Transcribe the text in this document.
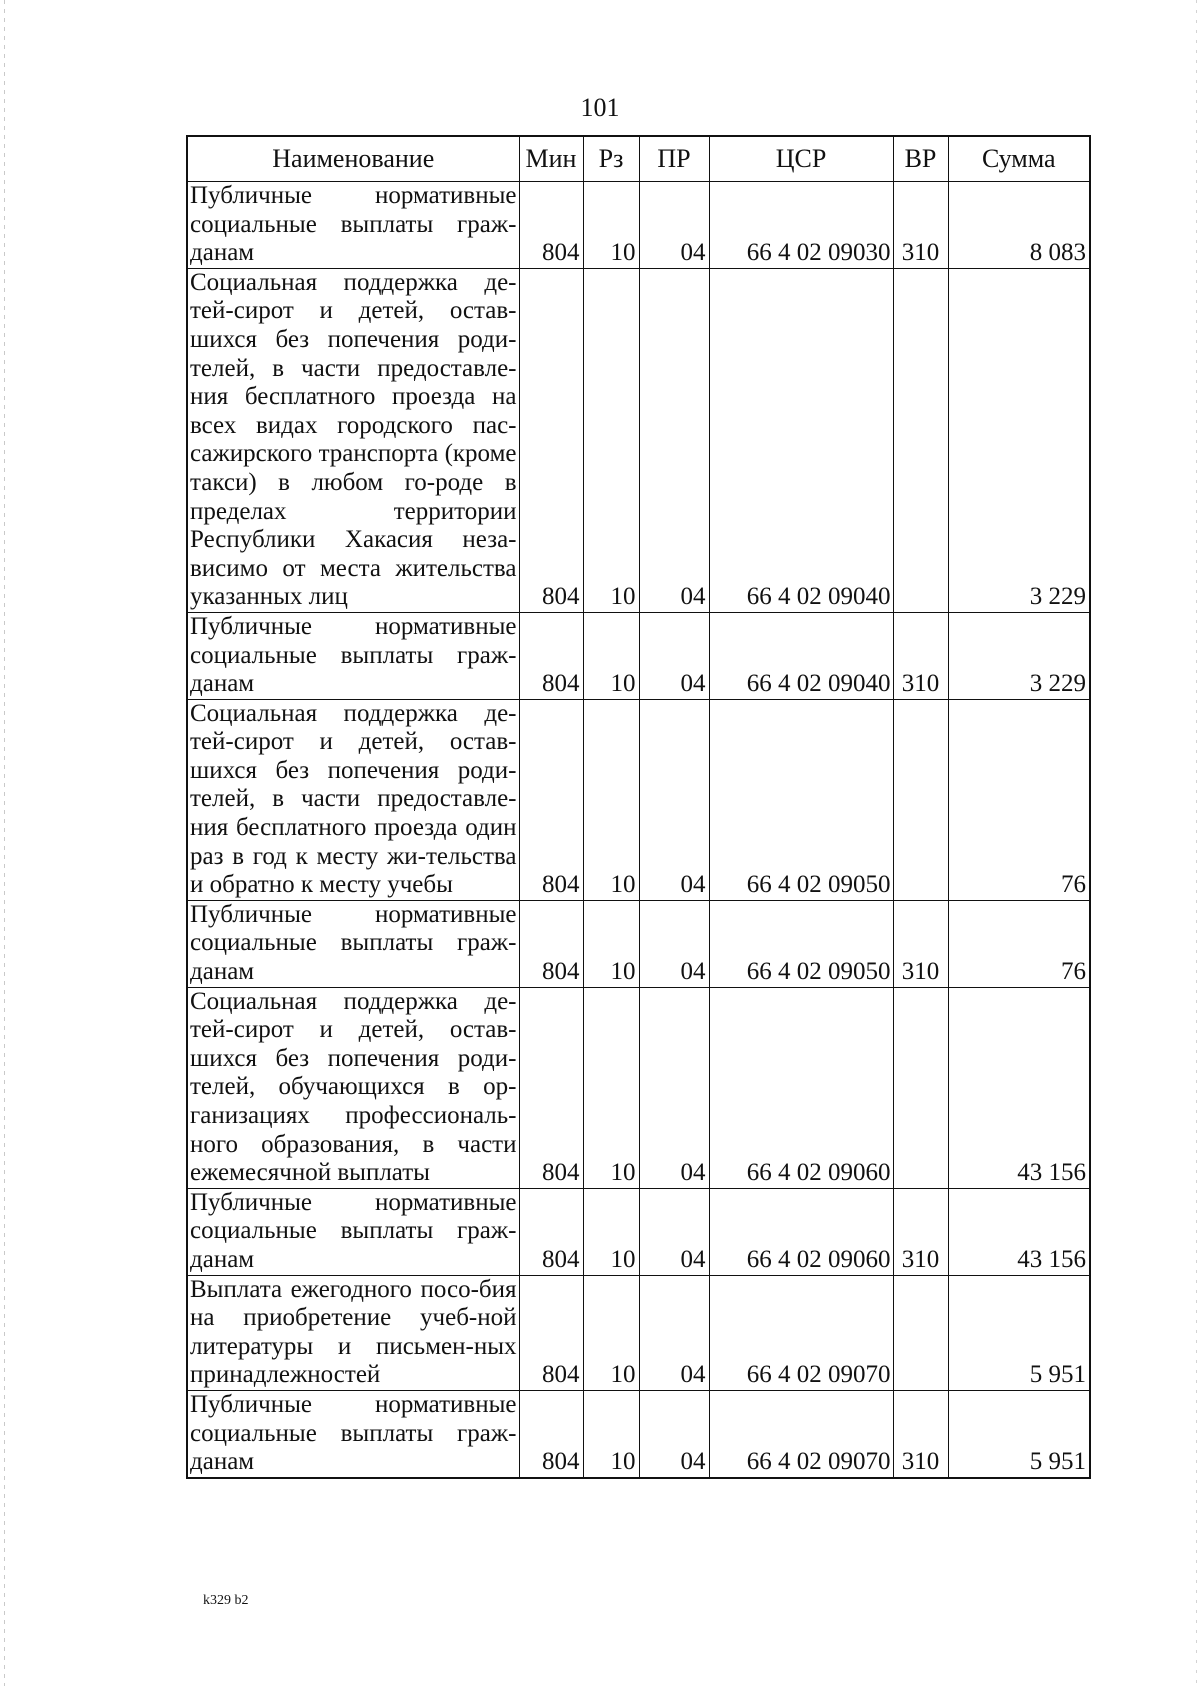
101
Наименование	Мин	Рз	ПР	ЦСР	ВР	Сумма
Публичные нормативные социальные выплаты граж-данам	804	10	04	66 4 02 09030	310	8 083
Социальная поддержка де-тей-сирот и детей, остав-шихся без попечения роди-телей, в части предоставле-ния бесплатного проезда на всех видах городского пас-сажирского транспорта (кроме такси) в любом го-роде в пределах территории Республики Хакасия неза-висимо от места жительства указанных лиц	804	10	04	66 4 02 09040		3 229
Публичные нормативные социальные выплаты граж-данам	804	10	04	66 4 02 09040	310	3 229
Социальная поддержка де-тей-сирот и детей, остав-шихся без попечения роди-телей, в части предоставле-ния бесплатного проезда один раз в год к месту жи-тельства и обратно к месту учебы	804	10	04	66 4 02 09050		76
Публичные нормативные социальные выплаты граж-данам	804	10	04	66 4 02 09050	310	76
Социальная поддержка де-тей-сирот и детей, остав-шихся без попечения роди-телей, обучающихся в ор-ганизациях профессиональ-ного образования, в части ежемесячной выплаты	804	10	04	66 4 02 09060		43 156
Публичные нормативные социальные выплаты граж-данам	804	10	04	66 4 02 09060	310	43 156
Выплата ежегодного посо-бия на приобретение учеб-ной литературы и письмен-ных принадлежностей	804	10	04	66 4 02 09070		5 951
Публичные нормативные социальные выплаты граж-данам	804	10	04	66 4 02 09070	310	5 951
k329 b2
